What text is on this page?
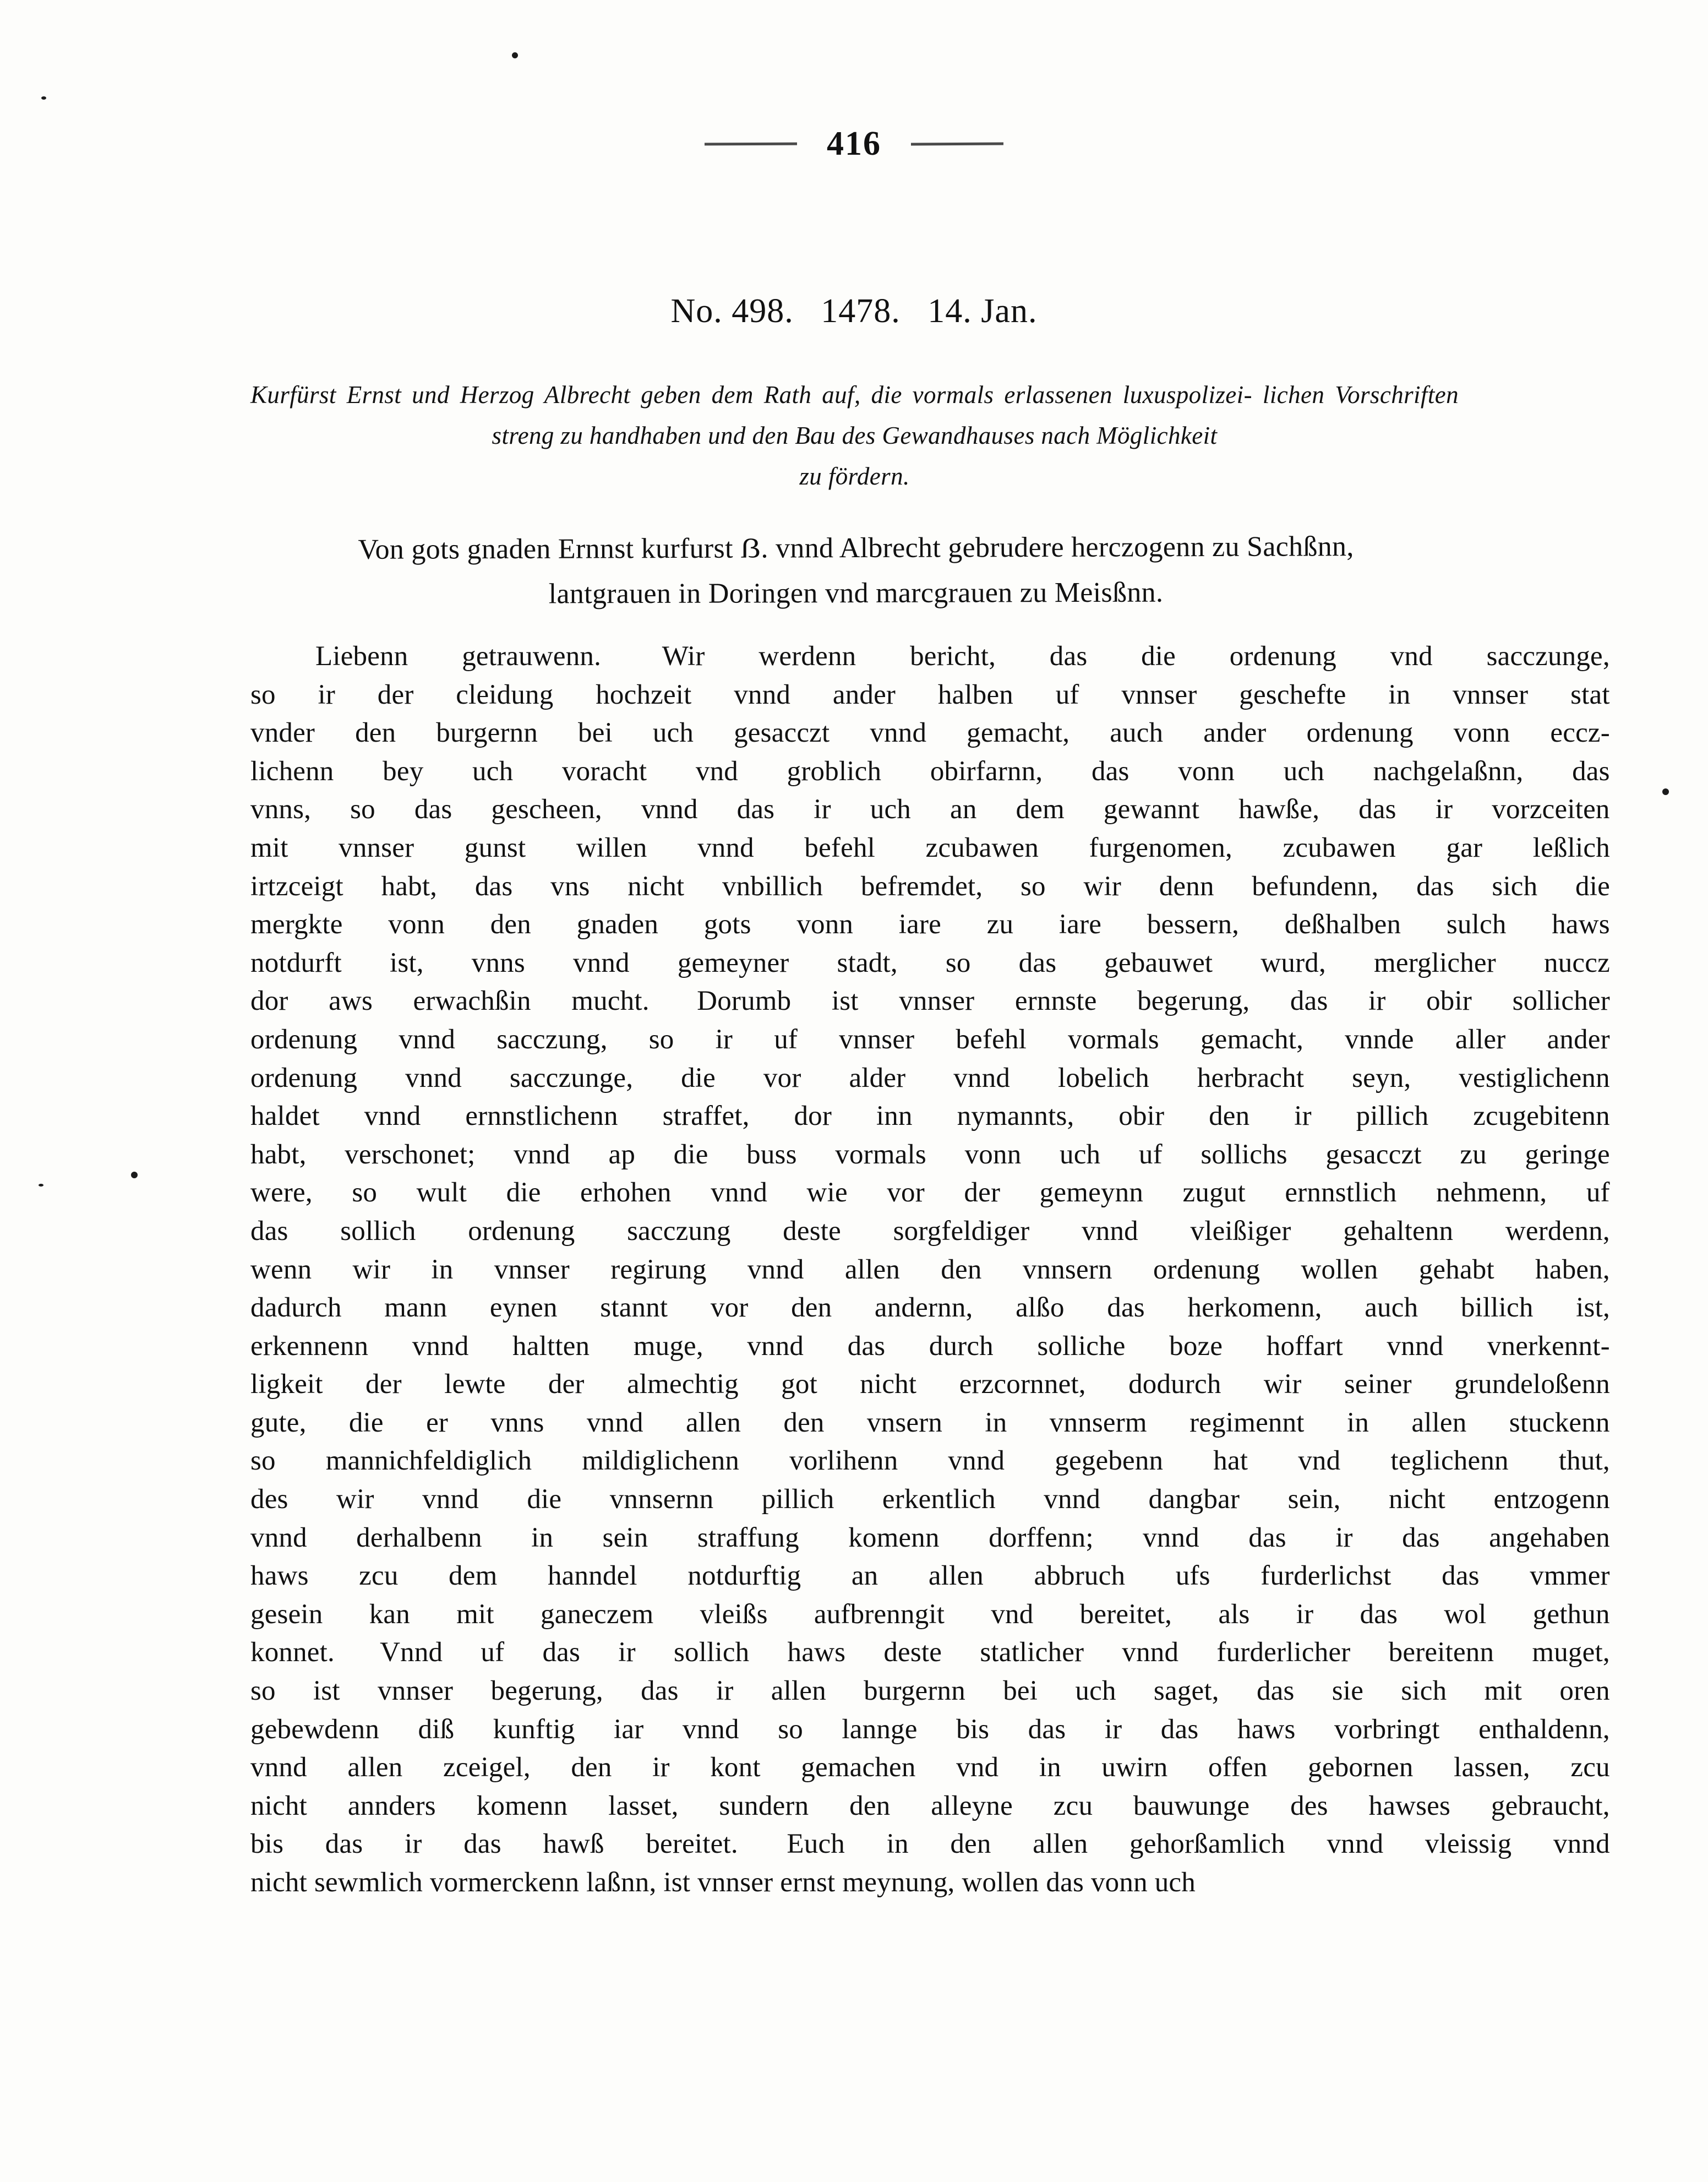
416
No. 498.   1478.   14. Jan.
Kurfürst Ernst und Herzog Albrecht geben dem Rath auf, die vormals erlassenen luxuspolizei- lichen Vorschriften streng zu handhaben und den Bau des Gewandhauses nach Möglichkeit
zu fördern.
Von gots gnaden Ernnst kurfurst ẞ. vnnd Albrecht gebrudere herczogenn zu Sachßnn,
lantgrauen in Doringen vnd marcgrauen zu Meisßnn.
Liebenn
getrauwenn.
Wir
werdenn
bericht,
das
die
ordenung
vnd
sacczunge,
so
ir
der
cleidung
hochzeit
vnnd
ander
halben
uf
vnnser
geschefte
in
vnnser
stat
vnder
den
burgernn
bei
uch
gesacczt
vnnd
gemacht,
auch
ander
ordenung
vonn
eccz-
lichenn
bey
uch
voracht
vnd
groblich
obirfarnn,
das
vonn
uch
nachgelaßnn,
das
vnns,
so
das
gescheen,
vnnd
das
ir
uch
an
dem
gewannt
hawße,
das
ir
vorzceiten
mit
vnnser
gunst
willen
vnnd
befehl
zcubawen
furgenomen,
zcubawen
gar
leßlich
irtzceigt
habt,
das
vns
nicht
vnbillich
befremdet,
so
wir
denn
befundenn,
das
sich
die
mergkte
vonn
den
gnaden
gots
vonn
iare
zu
iare
bessern,
deßhalben
sulch
haws
notdurft
ist,
vnns
vnnd
gemeyner
stadt,
so
das
gebauwet
wurd,
merglicher
nuccz
dor
aws
erwachßin
mucht.
Dorumb
ist
vnnser
ernnste
begerung,
das
ir
obir
sollicher
ordenung
vnnd
sacczung,
so
ir
uf
vnnser
befehl
vormals
gemacht,
vnnde
aller
ander
ordenung
vnnd
sacczunge,
die
vor
alder
vnnd
lobelich
herbracht
seyn,
vestiglichenn
haldet
vnnd
ernnstlichenn
straffet,
dor
inn
nymannts,
obir
den
ir
pillich
zcugebitenn
habt,
verschonet;
vnnd
ap
die
buss
vormals
vonn
uch
uf
sollichs
gesacczt
zu
geringe
were,
so
wult
die
erhohen
vnnd
wie
vor
der
gemeynn
zugut
ernnstlich
nehmenn,
uf
das
sollich
ordenung
sacczung
deste
sorgfeldiger
vnnd
vleißiger
gehaltenn
werdenn,
wenn
wir
in
vnnser
regirung
vnnd
allen
den
vnnsern
ordenung
wollen
gehabt
haben,
dadurch
mann
eynen
stannt
vor
den
andernn,
alßo
das
herkomenn,
auch
billich
ist,
erkennenn
vnnd
haltten
muge,
vnnd
das
durch
solliche
boze
hoffart
vnnd
vnerkennt-
ligkeit
der
lewte
der
almechtig
got
nicht
erzcornnet,
dodurch
wir
seiner
grundeloßenn
gute,
die
er
vnns
vnnd
allen
den
vnsern
in
vnnserm
regimennt
in
allen
stuckenn
so
mannichfeldiglich
mildiglichenn
vorlihenn
vnnd
gegebenn
hat
vnd
teglichenn
thut,
des
wir
vnnd
die
vnnsernn
pillich
erkentlich
vnnd
dangbar
sein,
nicht
entzogenn
vnnd
derhalbenn
in
sein
straffung
komenn
dorffenn;
vnnd
das
ir
das
angehaben
haws
zcu
dem
hanndel
notdurftig
an
allen
abbruch
ufs
furderlichst
das
vmmer
gesein
kan
mit
ganeczem
vleißs
aufbrenngit
vnd
bereitet,
als
ir
das
wol
gethun
konnet.
Vnnd
uf
das
ir
sollich
haws
deste
statlicher
vnnd
furderlicher
bereitenn
muget,
so
ist
vnnser
begerung,
das
ir
allen
burgernn
bei
uch
saget,
das
sie
sich
mit
oren
gebewdenn
diß
kunftig
iar
vnnd
so
lannge
bis
das
ir
das
haws
vorbringt
enthaldenn,
vnnd
allen
zceigel,
den
ir
kont
gemachen
vnd
in
uwirn
offen
gebornen
lassen,
zcu
nicht
annders
komenn
lasset,
sundern
den
alleyne
zcu
bauwunge
des
hawses
gebraucht,
bis
das
ir
das
hawß
bereitet.
Euch
in
den
allen
gehorßamlich
vnnd
vleissig
vnnd
nicht
sewmlich
vormerckenn
laßnn,
ist
vnnser
ernst
meynung,
wollen
das
vonn
uch
